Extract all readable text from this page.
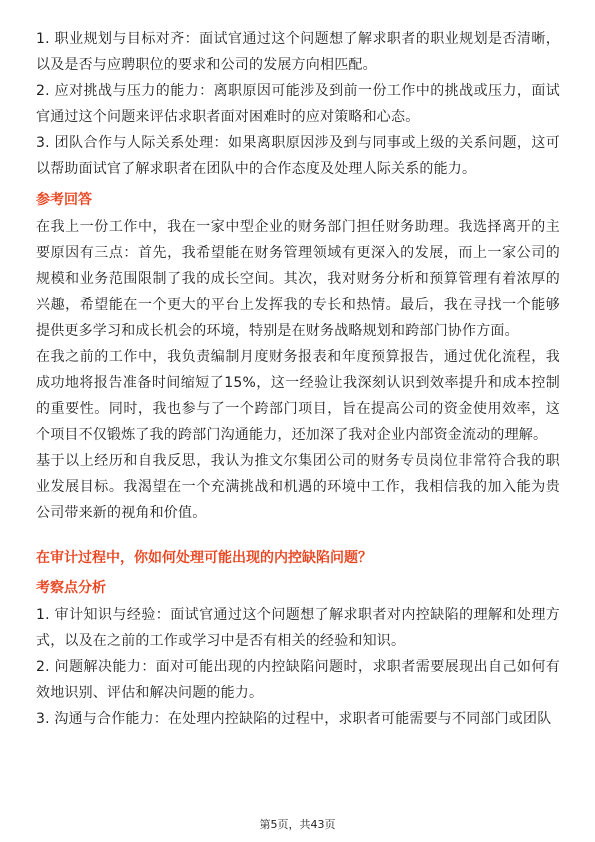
1. 职业规划与目标对齐：面试官通过这个问题想了解求职者的职业规划是否清晰，以及是否与应聘职位的要求和公司的发展方向相匹配。

2. 应对挑战与压力的能力：离职原因可能涉及到前一份工作中的挑战或压力，面试官通过这个问题来评估求职者面对困难时的应对策略和心态。

3. 团队合作与人际关系处理：如果离职原因涉及到与同事或上级的关系问题，这可以帮助面试官了解求职者在团队中的合作态度及处理人际关系的能力。

参考回答

在我上一份工作中，我在一家中型企业的财务部门担任财务助理。我选择离开的主要原因有三点：首先，我希望能在财务管理领域有更深入的发展，而上一家公司的规模和业务范围限制了我的成长空间。其次，我对财务分析和预算管理有着浓厚的兴趣，希望能在一个更大的平台上发挥我的专长和热情。最后，我在寻找一个能够提供更多学习和成长机会的环境，特别是在财务战略规划和跨部门协作方面。

在我之前的工作中，我负责编制月度财务报表和年度预算报告，通过优化流程，我成功地将报告准备时间缩短了15%，这一经验让我深刻认识到效率提升和成本控制的重要性。同时，我也参与了一个跨部门项目，旨在提高公司的资金使用效率，这个项目不仅锻炼了我的跨部门沟通能力，还加深了我对企业内部资金流动的理解。

基于以上经历和自我反思，我认为推文尔集团公司的财务专员岗位非常符合我的职业发展目标。我渴望在一个充满挑战和机遇的环境中工作，我相信我的加入能为贵公司带来新的视角和价值。

在审计过程中，你如何处理可能出现的内控缺陷问题？
考察点分析

1. 审计知识与经验：面试官通过这个问题想了解求职者对内控缺陷的理解和处理方式，以及在之前的工作或学习中是否有相关的经验和知识。

2. 问题解决能力：面对可能出现的内控缺陷问题时，求职者需要展现出自己如何有效地识别、评估和解决问题的能力。

3. 沟通与合作能力：在处理内控缺陷的过程中，求职者可能需要与不同部门或团队

第5页，共43页
